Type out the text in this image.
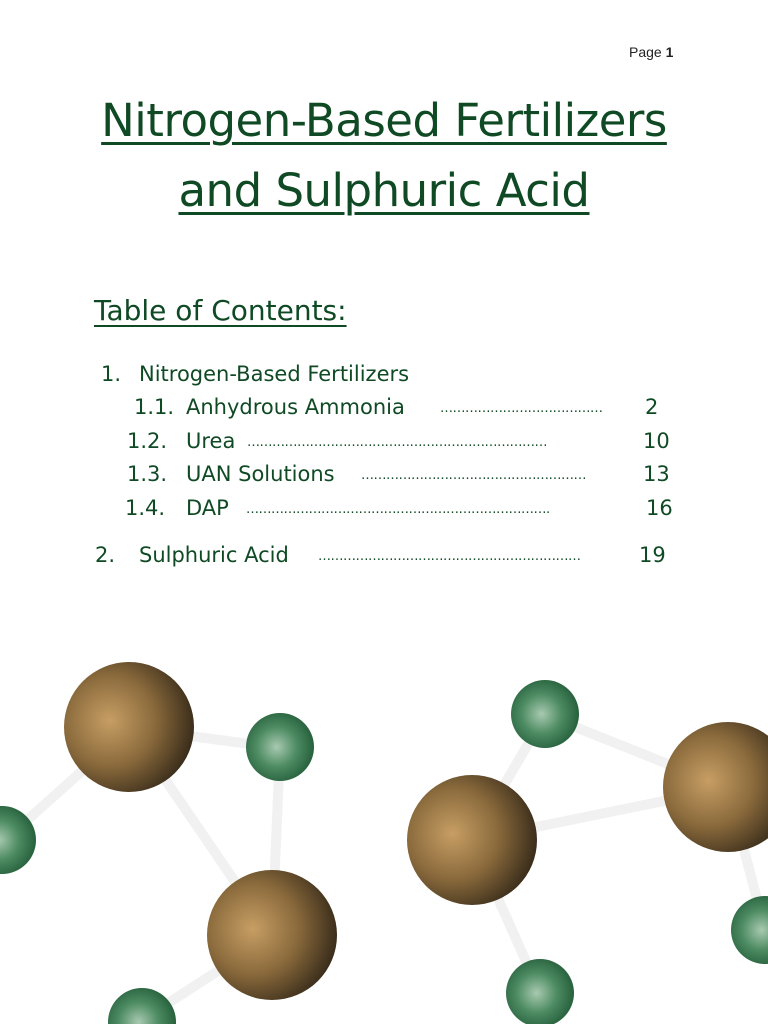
Page 1
Nitrogen-Based Fertilizers
and Sulphuric Acid
Table of Contents:
1. Nitrogen-Based Fertilizers
1.1. Anhydrous Ammonia	………………………………… 2
1.2. Urea ………………………………………………………………	10
1.3. UAN Solutions ………………………………………………	13
1.4. DAP ……………………………………………………………….	16
2. Sulphuric Acid ………………………………………………………	19
